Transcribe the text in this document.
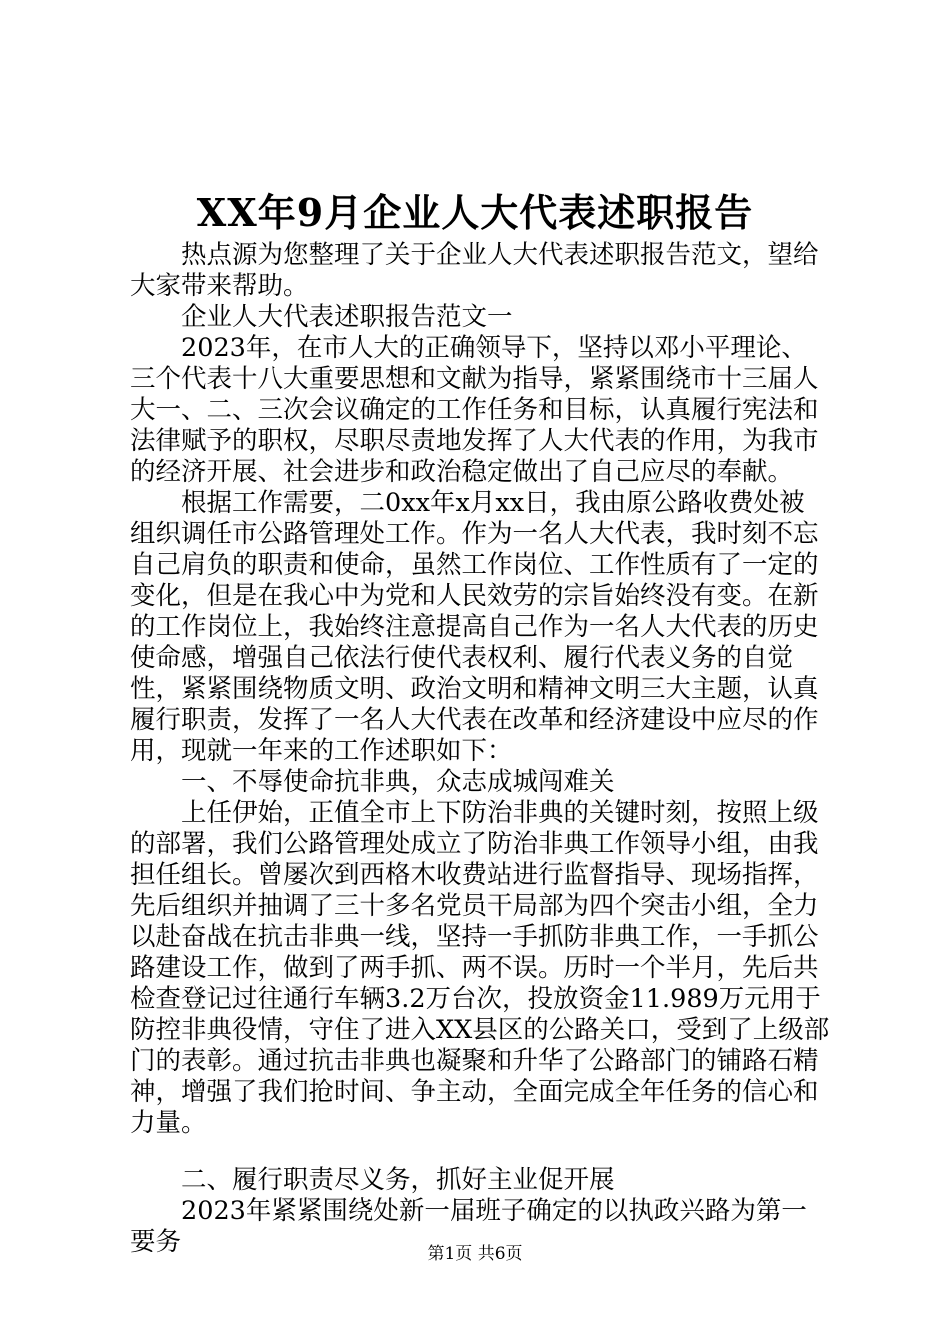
XX年9月企业人大代表述职报告

热点源为您整理了关于企业人大代表述职报告范文，望给大家带来帮助。

企业人大代表述职报告范文一

2023年，在市人大的正确领导下，坚持以邓小平理论、三个代表十八大重要思想和文献为指导，紧紧围绕市十三届人大一、二、三次会议确定的工作任务和目标，认真履行宪法和法律赋予的职权，尽职尽责地发挥了人大代表的作用，为我市的经济开展、社会进步和政治稳定做出了自己应尽的奉献。

根据工作需要，二0xx年x月xx日，我由原公路收费处被组织调任市公路管理处工作。作为一名人大代表，我时刻不忘自己肩负的职责和使命，虽然工作岗位、工作性质有了一定的变化，但是在我心中为党和人民效劳的宗旨始终没有变。在新的工作岗位上，我始终注意提高自己作为一名人大代表的历史使命感，增强自己依法行使代表权利、履行代表义务的自觉性，紧紧围绕物质文明、政治文明和精神文明三大主题，认真履行职责，发挥了一名人大代表在改革和经济建设中应尽的作用，现就一年来的工作述职如下：

一、不辱使命抗非典，众志成城闯难关

上任伊始，正值全市上下防治非典的关键时刻，按照上级的部署，我们公路管理处成立了防治非典工作领导小组，由我担任组长。曾屡次到西格木收费站进行监督指导、现场指挥，先后组织并抽调了三十多名党员干局部为四个突击小组，全力以赴奋战在抗击非典一线，坚持一手抓防非典工作，一手抓公路建设工作，做到了两手抓、两不误。历时一个半月，先后共检查登记过往通行车辆3.2万台次，投放资金11.989万元用于防控非典役情，守住了进入XX县区的公路关口，受到了上级部门的表彰。通过抗击非典也凝聚和升华了公路部门的铺路石精神，增强了我们抢时间、争主动，全面完成全年任务的信心和力量。

二、履行职责尽义务，抓好主业促开展

2023年紧紧围绕处新一届班子确定的以执政兴路为第一要务	第1页 共6页
